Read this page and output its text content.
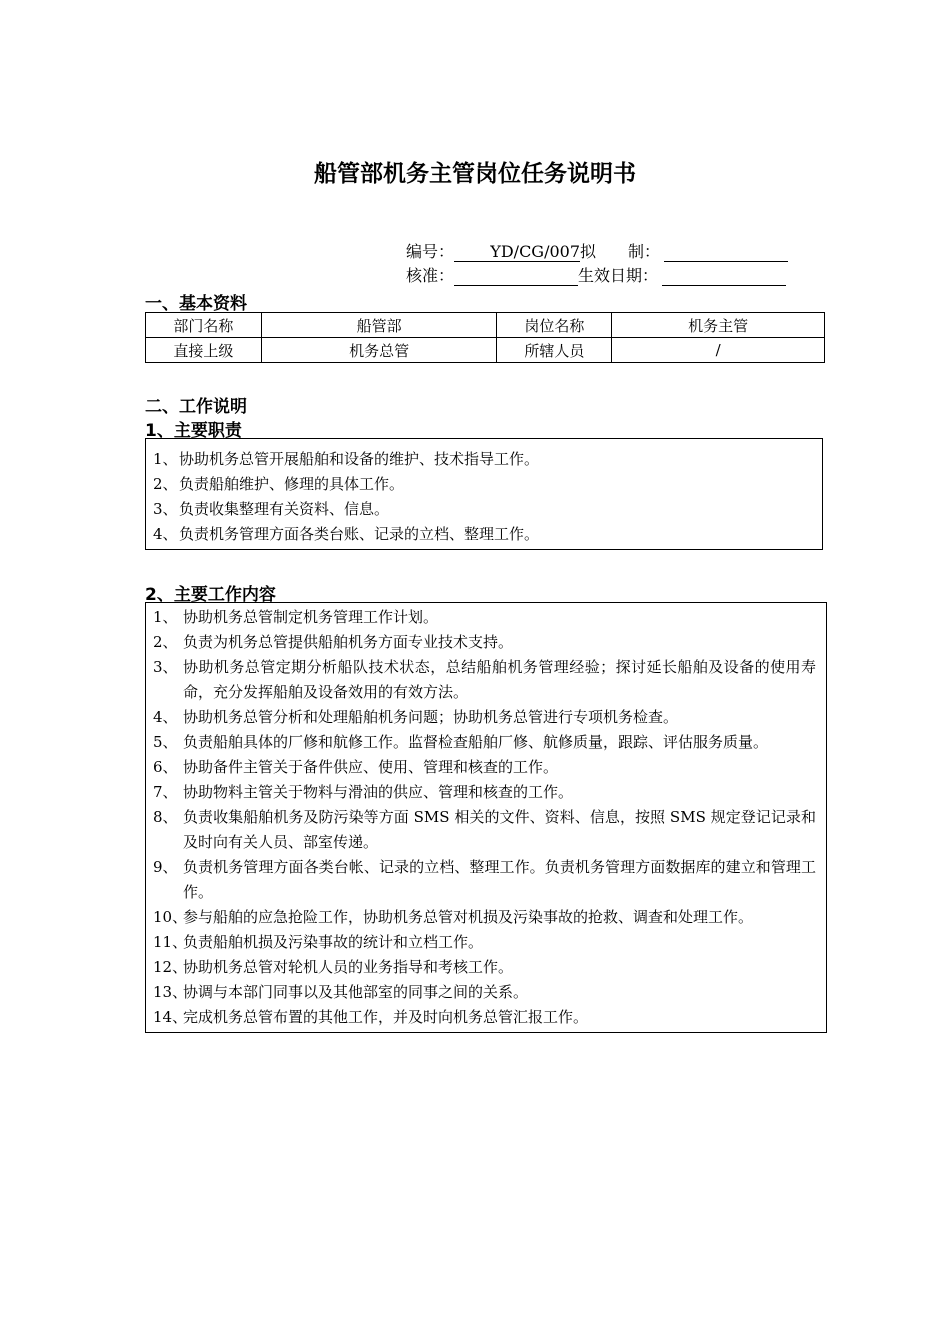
船管部机务主管岗位任务说明书
编号： YD/CG/007拟　　制：
核准：	生效日期：
一、基本资料
部门名称	船管部	岗位名称	机务主管
直接上级	机务总管	所辖人员	/
二、工作说明
1、主要职责
1、 协助机务总管开展船舶和设备的维护、技术指导工作。
2、 负责船舶维护、修理的具体工作。
3、 负责收集整理有关资料、信息。
4、 负责机务管理方面各类台账、记录的立档、整理工作。
2、主要工作内容
1、 协助机务总管制定机务管理工作计划。
2、 负责为机务总管提供船舶机务方面专业技术支持。
3、 协助机务总管定期分析船队技术状态，总结船舶机务管理经验；探讨延长船舶及设备的使用寿命，充分发挥船舶及设备效用的有效方法。
4、 协助机务总管分析和处理船舶机务问题；协助机务总管进行专项机务检查。
5、 负责船舶具体的厂修和航修工作。监督检查船舶厂修、航修质量，跟踪、评估服务质量。
6、 协助备件主管关于备件供应、使用、管理和核查的工作。
7、 协助物料主管关于物料与滑油的供应、管理和核查的工作。
8、 负责收集船舶机务及防污染等方面 SMS 相关的文件、资料、信息，按照 SMS 规定登记记录和及时向有关人员、部室传递。
9、 负责机务管理方面各类台帐、记录的立档、整理工作。负责机务管理方面数据库的建立和管理工作。
10、
参与船舶的应急抢险工作，协助机务总管对机损及污染事故的抢救、调查和处理工作。
11、
负责船舶机损及污染事故的统计和立档工作。
12、
协助机务总管对轮机人员的业务指导和考核工作。
13、
协调与本部门同事以及其他部室的同事之间的关系。
14、
完成机务总管布置的其他工作，并及时向机务总管汇报工作。
